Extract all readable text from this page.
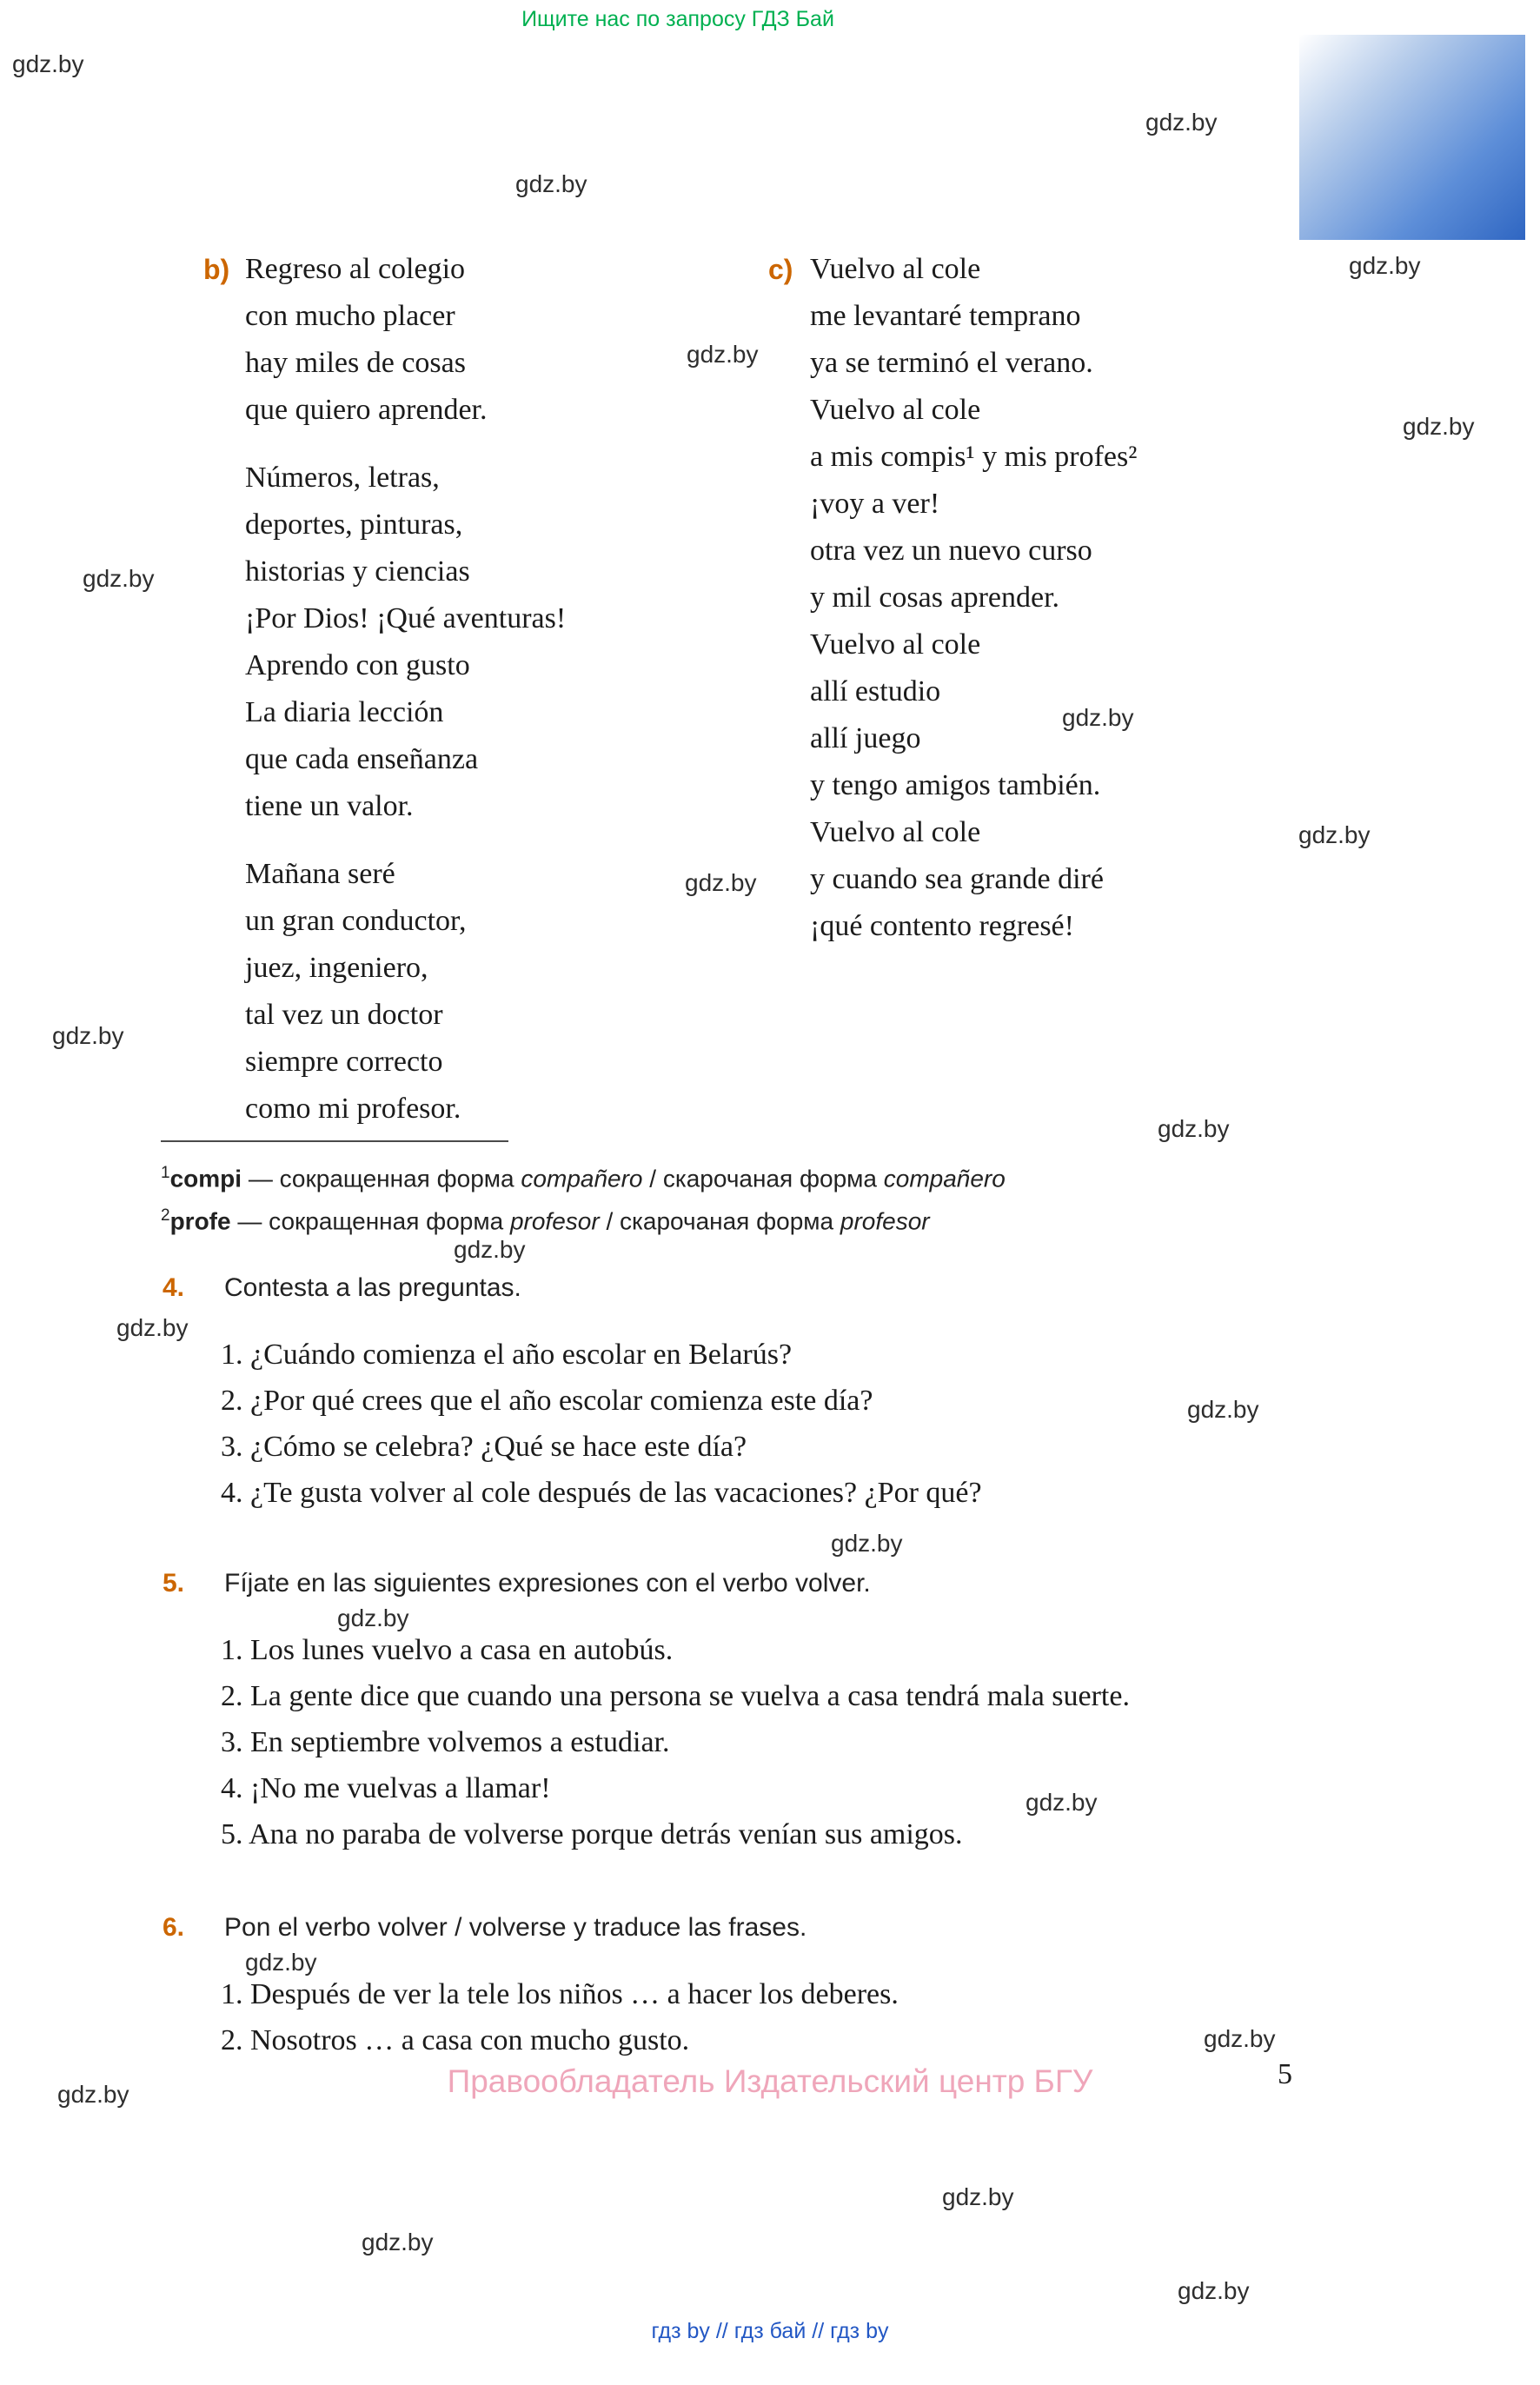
Ищите нас по запросу ГДЗ Бай
b) Regreso al colegio
con mucho placer
hay miles de cosas
que quiero aprender.
Números, letras,
deportes, pinturas,
historias y ciencias
¡Por Dios! ¡Qué aventuras!
Aprendo con gusto
La diaria lección
que cada enseñanza
tiene un valor.
Mañana seré
un gran conductor,
juez, ingeniero,
tal vez un doctor
siempre correcto
como mi profesor.
c) Vuelvo al cole
me levantaré temprano
ya se terminó el verano.
Vuelvo al cole
a mis compis¹ y mis profes²
¡voy a ver!
otra vez un nuevo curso
y mil cosas aprender.
Vuelvo al cole
allí estudio
allí juego
y tengo amigos también.
Vuelvo al cole
y cuando sea grande diré
¡qué contento regresé!
$^1$compi — сокращенная форма compañero / скарочаная форма compañero
$^2$profe — сокращенная форма profesor / скарочаная форма profesor
4. Contesta a las preguntas.
1. ¿Cuándo comienza el año escolar en Belarús?
2. ¿Por qué crees que el año escolar comienza este día?
3. ¿Cómo se celebra? ¿Qué se hace este día?
4. ¿Te gusta volver al cole después de las vacaciones? ¿Por qué?
5. Fíjate en las siguientes expresiones con el verbo volver.
1. Los lunes vuelvo a casa en autobús.
2. La gente dice que cuando una persona se vuelva a casa tendrá mala suerte.
3. En septiembre volvemos a estudiar.
4. ¡No me vuelvas a llamar!
5. Ana no paraba de volverse porque detrás venían sus amigos.
6. Pon el verbo volver / volverse y traduce las frases.
1. Después de ver la tele los niños … a hacer los deberes.
2. Nosotros … a casa con mucho gusto.
Правообладатель Издательский центр БГУ	5
гдз by // гдз бай // гдз by
gdz.by
gdz.by
gdz.by
gdz.by
gdz.by
gdz.by
gdz.by
gdz.by
gdz.by
gdz.by
gdz.by
gdz.by
gdz.by
gdz.by
gdz.by
gdz.by
gdz.by
gdz.by
gdz.by
gdz.by
gdz.by
gdz.by
gdz.by
gdz.by
